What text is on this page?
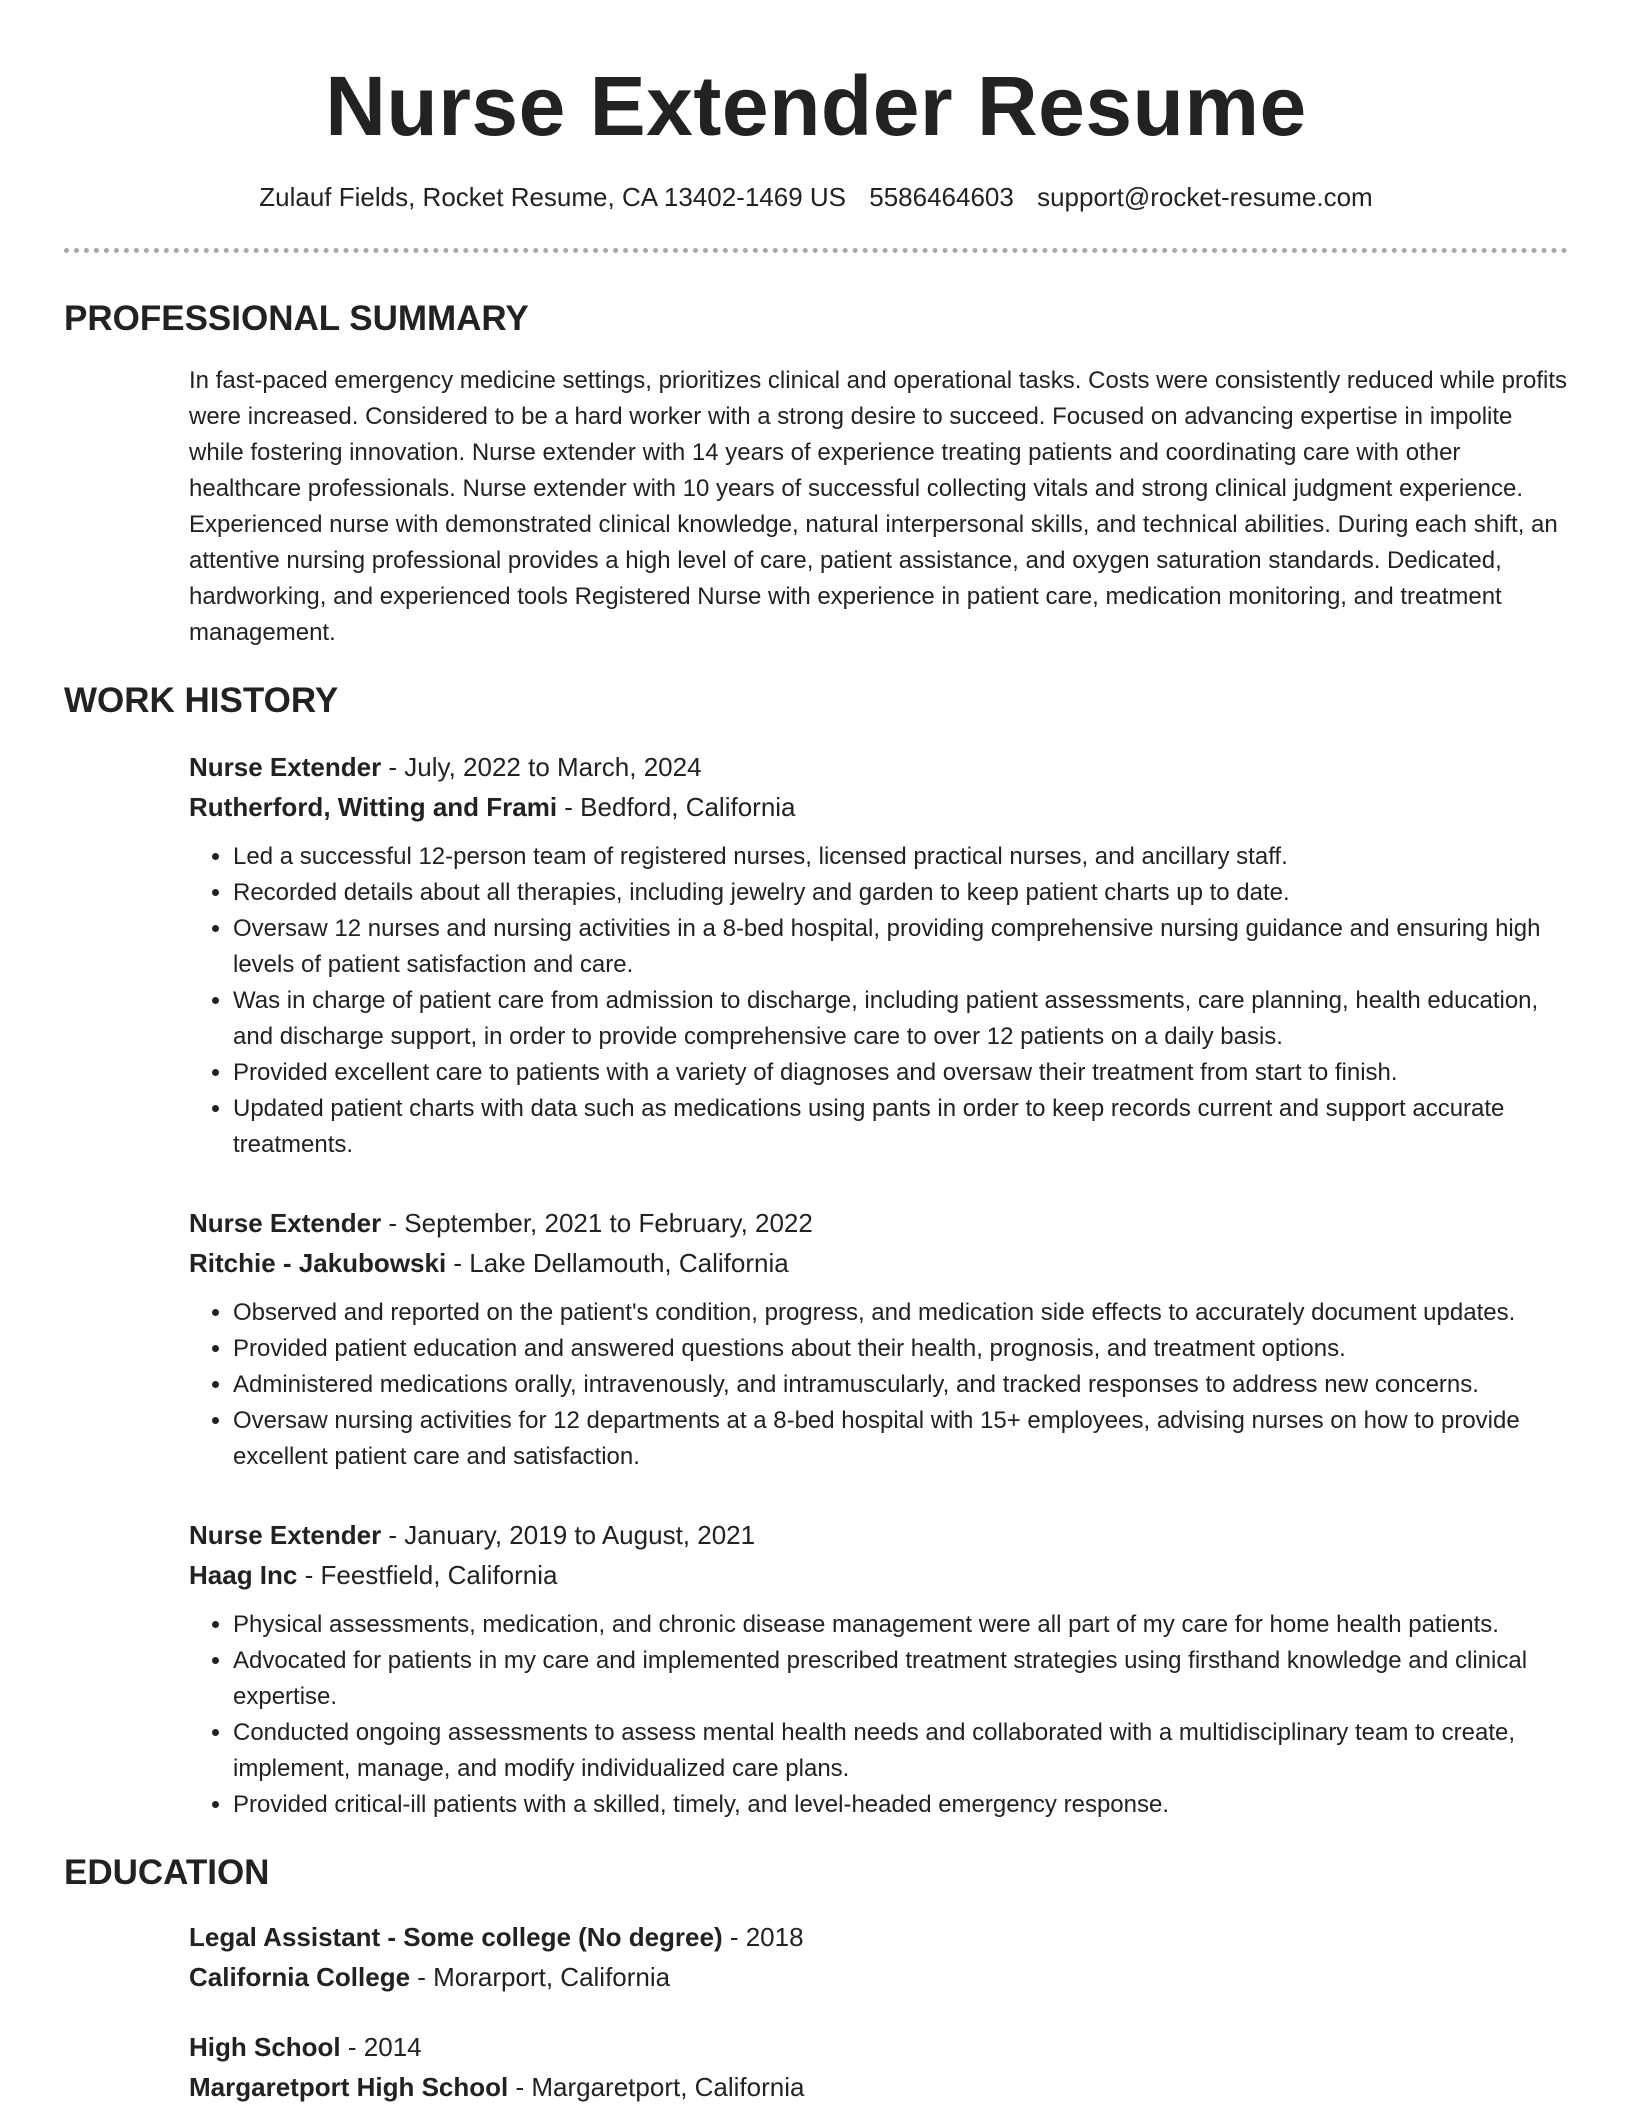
Nurse Extender Resume
Zulauf Fields, Rocket Resume, CA 13402-1469 US 5586464603 support@rocket-resume.com
PROFESSIONAL SUMMARY

In fast-paced emergency medicine settings, prioritizes clinical and operational tasks. Costs were consistently reduced while profits were increased. Considered to be a hard worker with a strong desire to succeed. Focused on advancing expertise in impolite while fostering innovation. Nurse extender with 14 years of experience treating patients and coordinating care with other healthcare professionals. Nurse extender with 10 years of successful collecting vitals and strong clinical judgment experience. Experienced nurse with demonstrated clinical knowledge, natural interpersonal skills, and technical abilities. During each shift, an attentive nursing professional provides a high level of care, patient assistance, and oxygen saturation standards. Dedicated, hardworking, and experienced tools Registered Nurse with experience in patient care, medication monitoring, and treatment management.

WORK HISTORY
Nurse Extender - July, 2022 to March, 2024
Rutherford, Witting and Frami - Bedford, California
• Led a successful 12-person team of registered nurses, licensed practical nurses, and ancillary staff.
• Recorded details about all therapies, including jewelry and garden to keep patient charts up to date.
• Oversaw 12 nurses and nursing activities in a 8-bed hospital, providing comprehensive nursing guidance and ensuring high levels of patient satisfaction and care.
• Was in charge of patient care from admission to discharge, including patient assessments, care planning, health education, and discharge support, in order to provide comprehensive care to over 12 patients on a daily basis.
• Provided excellent care to patients with a variety of diagnoses and oversaw their treatment from start to finish.
• Updated patient charts with data such as medications using pants in order to keep records current and support accurate treatments.
Nurse Extender - September, 2021 to February, 2022
Ritchie - Jakubowski - Lake Dellamouth, California
• Observed and reported on the patient's condition, progress, and medication side effects to accurately document updates.
• Provided patient education and answered questions about their health, prognosis, and treatment options.
• Administered medications orally, intravenously, and intramuscularly, and tracked responses to address new concerns.
• Oversaw nursing activities for 12 departments at a 8-bed hospital with 15+ employees, advising nurses on how to provide excellent patient care and satisfaction.
Nurse Extender - January, 2019 to August, 2021
Haag Inc - Feestfield, California
• Physical assessments, medication, and chronic disease management were all part of my care for home health patients.
• Advocated for patients in my care and implemented prescribed treatment strategies using firsthand knowledge and clinical expertise.
• Conducted ongoing assessments to assess mental health needs and collaborated with a multidisciplinary team to create, implement, manage, and modify individualized care plans.
• Provided critical-ill patients with a skilled, timely, and level-headed emergency response.
EDUCATION
Legal Assistant - Some college (No degree) - 2018
California College - Morarport, California
High School - 2014
Margaretport High School - Margaretport, California
